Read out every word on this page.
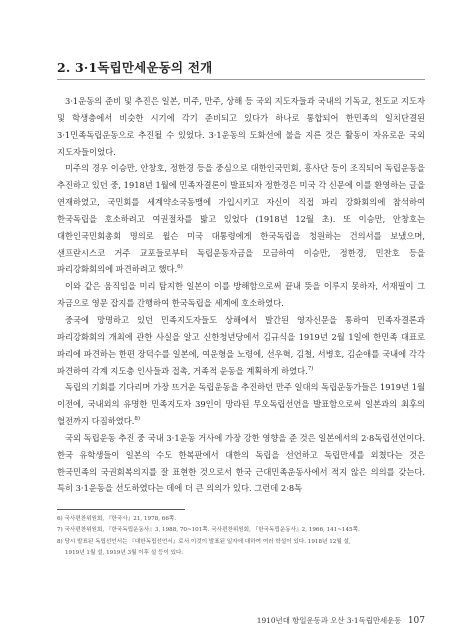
2. 3·1독립만세운동의 전개

3·1운동의 준비 및 추진은 일본, 미주, 만주, 상해 등 국외 지도자들과 국내의 기독교, 천도교 지도자 및 학생층에서 비슷한 시기에 각기 준비되고 있다가 하나로 통합되어 한민족의 일치단결된 3·1민족독립운동으로 추진될 수 있었다. 3·1운동의 도화선에 불을 지른 것은 활동이 자유로운 국외 지도자들이었다.

미주의 경우 이승만, 안창호, 정한경 등을 중심으로 대한인국민회, 흥사단 등이 조직되어 독립운동을 추진하고 있던 중, 1918년 1월에 민족자결론이 발표되자 정한경은 미국 각 신문에 이를 환영하는 글을 연재하였고, 국민회를 세계약소국동맹에 가입시키고 자신이 직접 파리 강화회의에 참석하여 한국독립을 호소하려고 여권절차를 밟고 있었다 (1918년 12월 초). 또 이승만, 안창호는 대한인국민회총회 명의로 윌슨 미국 대통령에게 한국독립을 청원하는 건의서를 보냈으며, 샌프란시스코 거주 교포들로부터 독립운동자금을 모금하여 이승만, 정한경, 민찬호 등을 파리강화회의에 파견하려고 했다.$^{6)}$

이와 같은 움직임을 미리 탐지한 일본이 이를 방해함으로써 끝내 뜻을 이루지 못하자, 서재필이 그 자금으로 영문 잡지를 간행하여 한국독립을 세계에 호소하였다.

중국에 망명하고 있던 민족지도자들도 상해에서 발간된 영자신문을 통하여 민족자결론과 파리강화회의 개최에 관한 사실을 알고 신한청년당에서 김규식을 1919년 2월 1일에 한민족 대표로 파리에 파견하는 한편 장덕수를 일본에, 여운형을 노령에, 선우혁, 김철, 서병호, 김순애를 국내에 각각 파견하여 각계 지도층 인사들과 접촉, 거족적 운동을 계획하게 하였다.$^{7)}$

독립의 기회를 기다리며 가장 뜨거운 독립운동을 추진하던 만주 일대의 독립운동가들은 1919년 1월 이전에, 국내외의 유명한 민족지도자 39인이 망라된 무오독립선언을 발표함으로써 일본과의 최후의 혈전까지 다짐하였다.$^{8)}$

국외 독립운동 추진 중 국내 3·1운동 거사에 가장 강한 영향을 준 것은 일본에서의 2·8독립선언이다. 한국 유학생들이 일본의 수도 한복판에서 대한의 독립을 선언하고 독립만세를 외쳤다는 것은 한국민족의 국권회복의지를 잘 표현한 것으로서 한국 근대민족운동사에서 적지 않은 의의를 갖는다. 특히 3·1운동을 선도하였다는 데에 더 큰 의의가 있다. 그런데 2·8독

6) 국사편찬위원회, 『한국사』21, 1978, 66쪽.

7) 국사편찬위원회, 『한국독립운동사』3, 1988, 70~101쪽. 국사편찬위원회, 『한국독립운동사』2, 1966, 141~145쪽.

8) 당시 발표된 독립선언서는 『대한독립선언서』로서 이것이 발표된 일자에 대하여 여러 학설이 있다. 1918년 12월 설,

1919년 1월 설, 1919년 3월 이후 설 등이 있다.

1910년대 항일운동과 오산 3·1독립만세운동 107
